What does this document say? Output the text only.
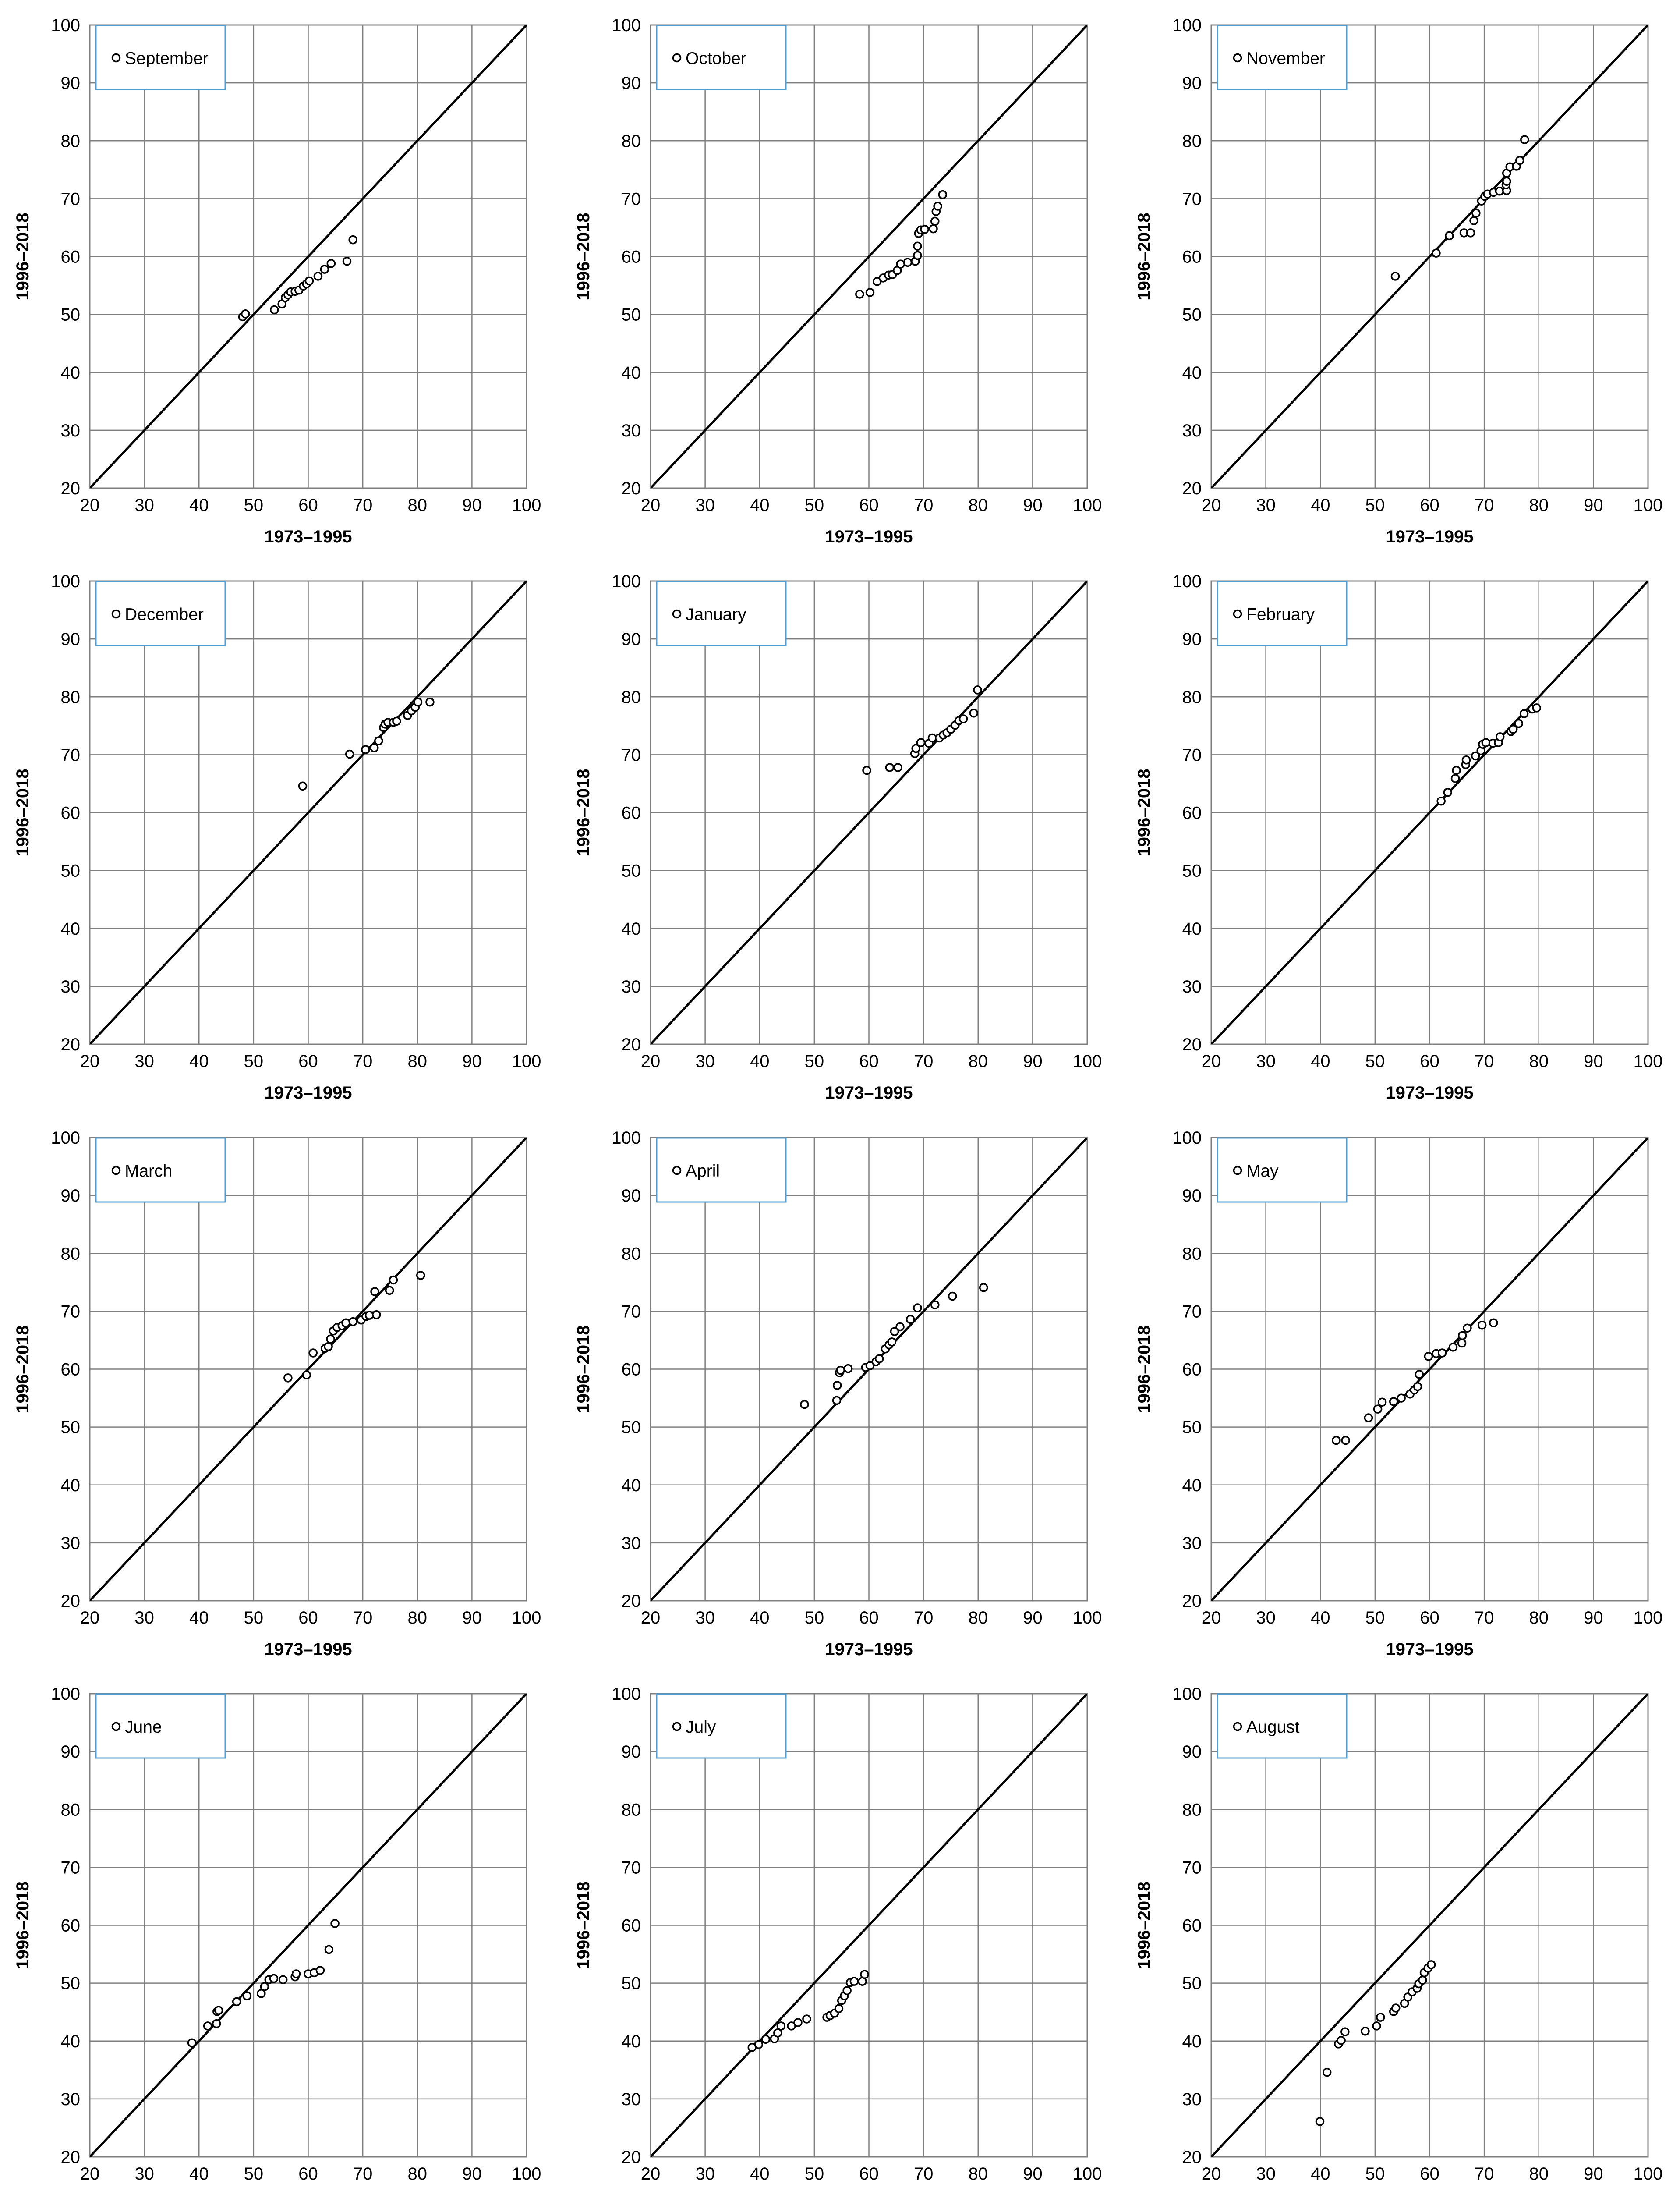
20
20
30
30
40
40
50
50
60
60
70
70
80
80
90
90
100
100
1973–1995
1996–2018
September
20
20
30
30
40
40
50
50
60
60
70
70
80
80
90
90
100
100
1973–1995
1996–2018
October
20
20
30
30
40
40
50
50
60
60
70
70
80
80
90
90
100
100
1973–1995
1996–2018
November
20
20
30
30
40
40
50
50
60
60
70
70
80
80
90
90
100
100
1973–1995
1996–2018
December
20
20
30
30
40
40
50
50
60
60
70
70
80
80
90
90
100
100
1973–1995
1996–2018
January
20
20
30
30
40
40
50
50
60
60
70
70
80
80
90
90
100
100
1973–1995
1996–2018
February
20
20
30
30
40
40
50
50
60
60
70
70
80
80
90
90
100
100
1973–1995
1996–2018
March
20
20
30
30
40
40
50
50
60
60
70
70
80
80
90
90
100
100
1973–1995
1996–2018
April
20
20
30
30
40
40
50
50
60
60
70
70
80
80
90
90
100
100
1973–1995
1996–2018
May
20
20
30
30
40
40
50
50
60
60
70
70
80
80
90
90
100
100
1996–2018
June
20
20
30
30
40
40
50
50
60
60
70
70
80
80
90
90
100
100
1996–2018
July
20
20
30
30
40
40
50
50
60
60
70
70
80
80
90
90
100
100
1996–2018
August
